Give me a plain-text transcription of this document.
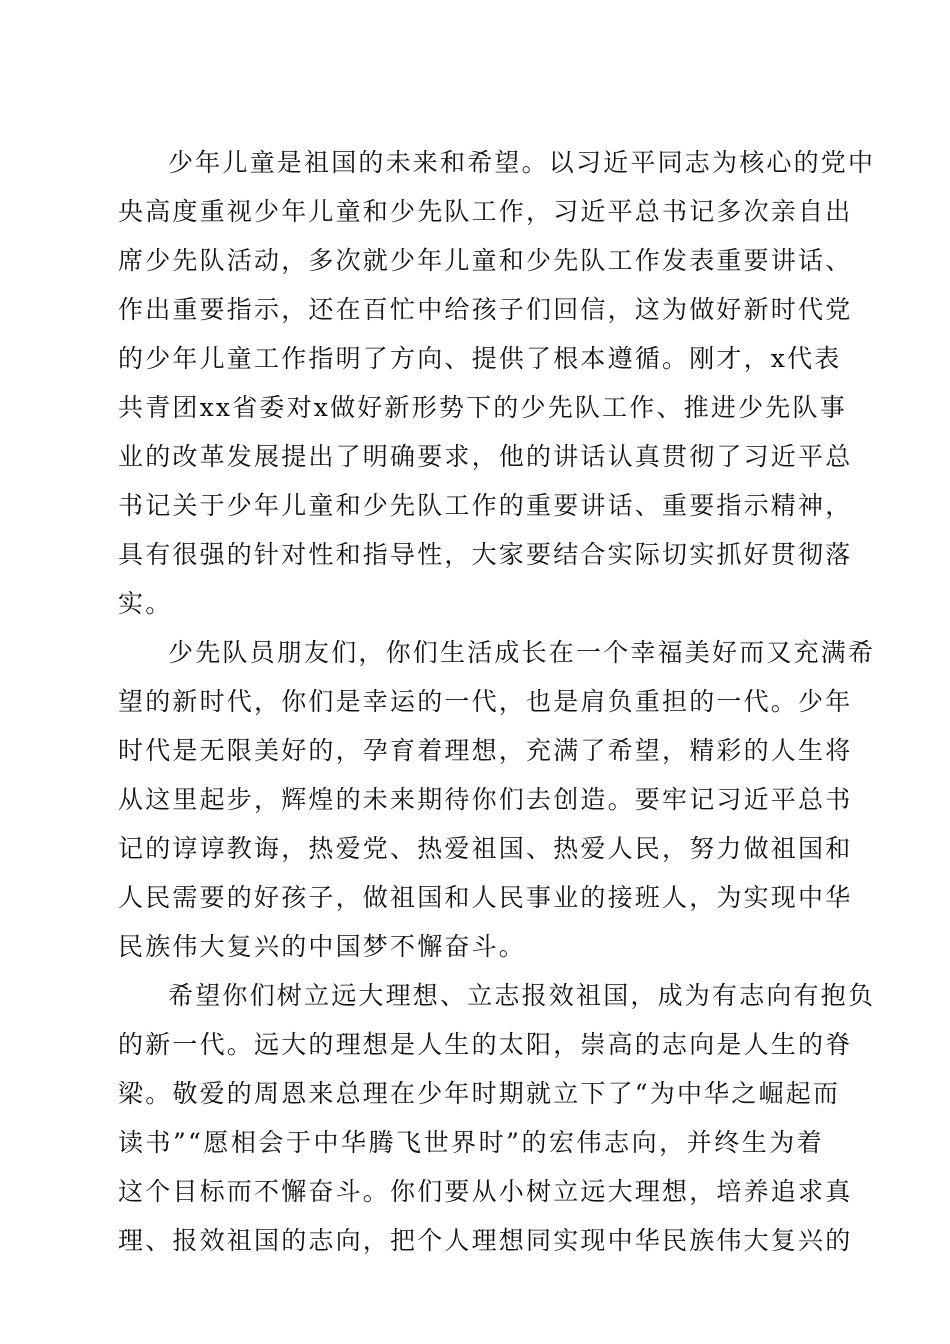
少年儿童是祖国的未来和希望。以习近平同志为核心的党中
央高度重视少年儿童和少先队工作，习近平总书记多次亲自出
席少先队活动，多次就少年儿童和少先队工作发表重要讲话、
作出重要指示，还在百忙中给孩子们回信，这为做好新时代党
的少年儿童工作指明了方向、提供了根本遵循。刚才，x代表
共青团xx省委对x做好新形势下的少先队工作、推进少先队事
业的改革发展提出了明确要求，他的讲话认真贯彻了习近平总
书记关于少年儿童和少先队工作的重要讲话、重要指示精神，
具有很强的针对性和指导性，大家要结合实际切实抓好贯彻落
实。
少先队员朋友们，你们生活成长在一个幸福美好而又充满希
望的新时代，你们是幸运的一代，也是肩负重担的一代。少年
时代是无限美好的，孕育着理想，充满了希望，精彩的人生将
从这里起步，辉煌的未来期待你们去创造。要牢记习近平总书
记的谆谆教诲，热爱党、热爱祖国、热爱人民，努力做祖国和
人民需要的好孩子，做祖国和人民事业的接班人，为实现中华
民族伟大复兴的中国梦不懈奋斗。
希望你们树立远大理想、立志报效祖国，成为有志向有抱负
的新一代。远大的理想是人生的太阳，崇高的志向是人生的脊
梁。敬爱的周恩来总理在少年时期就立下了“为中华之崛起而
读书”“愿相会于中华腾飞世界时”的宏伟志向，并终生为着
这个目标而不懈奋斗。你们要从小树立远大理想，培养追求真
理、报效祖国的志向，把个人理想同实现中华民族伟大复兴的
